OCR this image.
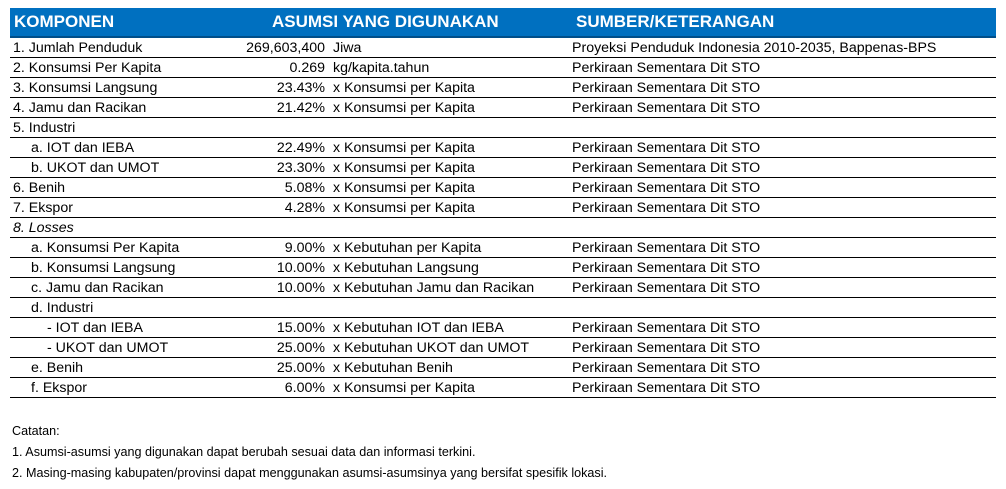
KOMPONEN	ASUMSI YANG DIGUNAKAN	SUMBER/KETERANGAN
1. Jumlah Penduduk	269,603,400 Jiwa	Proyeksi Penduduk Indonesia 2010-2035, Bappenas-BPS
2. Konsumsi Per Kapita	0.269 kg/kapita.tahun	Perkiraan Sementara Dit STO
3. Konsumsi Langsung	23.43% x Konsumsi per Kapita	Perkiraan Sementara Dit STO
4. Jamu dan Racikan	21.42% x Konsumsi per Kapita	Perkiraan Sementara Dit STO
5. Industri
a. IOT dan IEBA	22.49% x Konsumsi per Kapita	Perkiraan Sementara Dit STO
b. UKOT dan UMOT	23.30% x Konsumsi per Kapita	Perkiraan Sementara Dit STO
6. Benih	5.08% x Konsumsi per Kapita	Perkiraan Sementara Dit STO
7. Ekspor	4.28% x Konsumsi per Kapita	Perkiraan Sementara Dit STO
8. Losses
a. Konsumsi Per Kapita	9.00% x Kebutuhan per Kapita	Perkiraan Sementara Dit STO
b. Konsumsi Langsung	10.00% x Kebutuhan Langsung	Perkiraan Sementara Dit STO
c. Jamu dan Racikan	10.00% x Kebutuhan Jamu dan Racikan	Perkiraan Sementara Dit STO
d. Industri
- IOT dan IEBA	15.00% x Kebutuhan IOT dan IEBA	Perkiraan Sementara Dit STO
- UKOT dan UMOT	25.00% x Kebutuhan UKOT dan UMOT	Perkiraan Sementara Dit STO
e. Benih	25.00% x Kebutuhan Benih	Perkiraan Sementara Dit STO
f. Ekspor	6.00% x Konsumsi per Kapita	Perkiraan Sementara Dit STO
Catatan:
1. Asumsi-asumsi yang digunakan dapat berubah sesuai data dan informasi terkini.
2. Masing-masing kabupaten/provinsi dapat menggunakan asumsi-asumsinya yang bersifat spesifik lokasi.
